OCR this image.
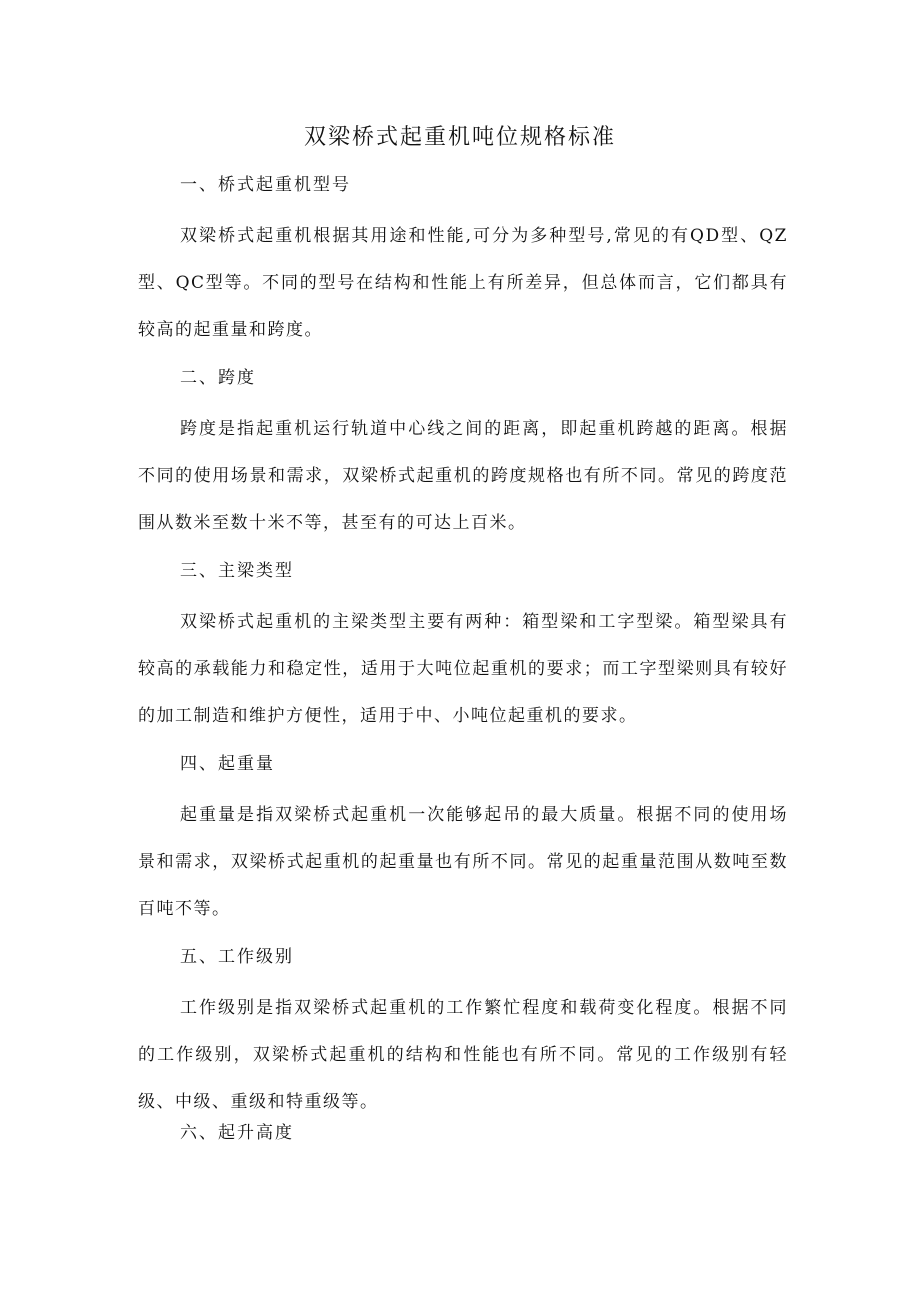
双梁桥式起重机吨位规格标准
一、桥式起重机型号

双梁桥式起重机根据其用途和性能,可分为多种型号,常见的有QD型、QZ型、QC型等。不同的型号在结构和性能上有所差异，但总体而言，它们都具有较高的起重量和跨度。

二、跨度

跨度是指起重机运行轨道中心线之间的距离，即起重机跨越的距离。根据不同的使用场景和需求，双梁桥式起重机的跨度规格也有所不同。常见的跨度范围从数米至数十米不等，甚至有的可达上百米。

三、主梁类型

双梁桥式起重机的主梁类型主要有两种：箱型梁和工字型梁。箱型梁具有较高的承载能力和稳定性，适用于大吨位起重机的要求；而工字型梁则具有较好的加工制造和维护方便性，适用于中、小吨位起重机的要求。

四、起重量

起重量是指双梁桥式起重机一次能够起吊的最大质量。根据不同的使用场景和需求，双梁桥式起重机的起重量也有所不同。常见的起重量范围从数吨至数百吨不等。

五、工作级别

工作级别是指双梁桥式起重机的工作繁忙程度和载荷变化程度。根据不同的工作级别，双梁桥式起重机的结构和性能也有所不同。常见的工作级别有轻级、中级、重级和特重级等。

六、起升高度
